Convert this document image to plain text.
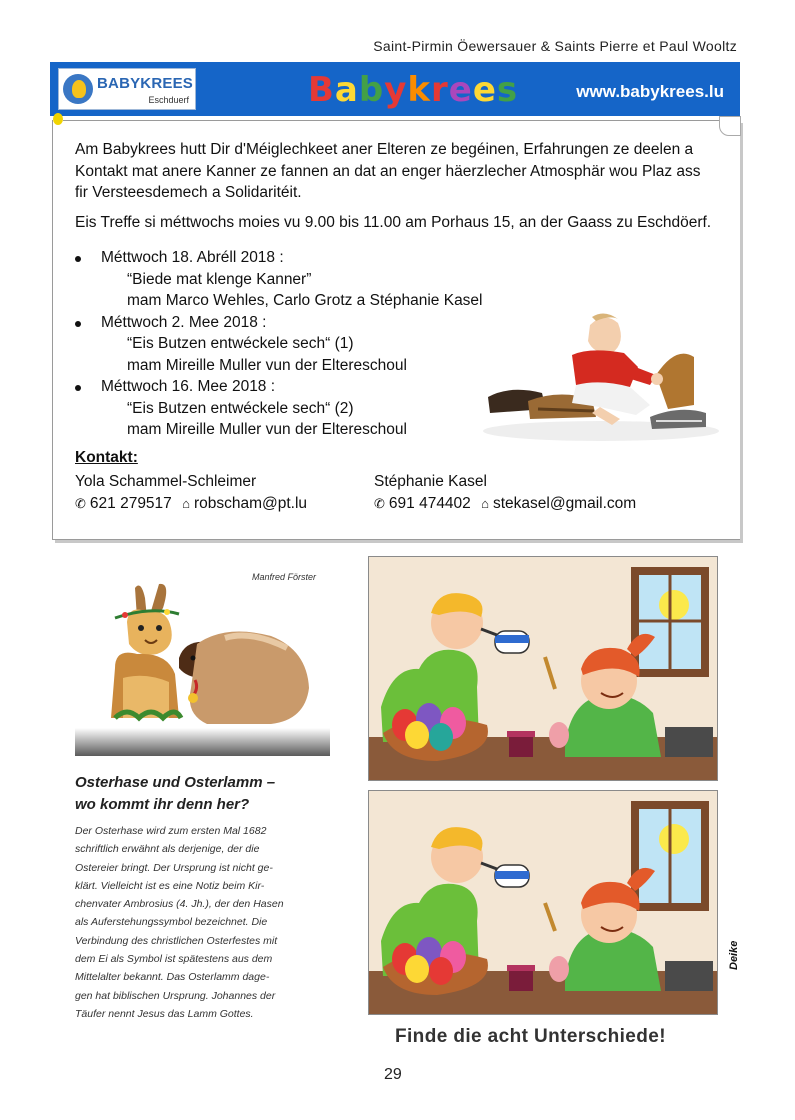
Saint-Pirmin Öewersauer & Saints Pierre et Paul Wooltz
BABYKREES
Eschduerf	Babykrees	www.babykrees.lu
Am Babykrees hutt Dir d'Méiglechkeet aner Elteren ze begéinen, Erfahrungen ze deelen a Kontakt mat anere Kanner ze fannen an dat an enger häerzlecher Atmosphär wou Plaz ass fir Versteesdemech a Solidaritéit.
Eis Treffe si méttwochs moies vu 9.00 bis 11.00 am Porhaus 15, an der Gaass zu Eschdöerf.
Méttwoch 18. Abréll 2018 :
“Biede mat klenge Kanner”
mam Marco Wehles, Carlo Grotz a Stéphanie Kasel
Méttwoch 2. Mee 2018 :
“Eis Butzen entwéckele sech“ (1)
mam Mireille Muller vun der Eltereschoul
Méttwoch 16. Mee 2018 :
“Eis Butzen entwéckele sech“ (2)
mam Mireille Muller vun der Eltereschoul
Kontakt:
Yola Schammel-Schleimer
✆ 621 279517 ⌂ robscham@pt.lu
Stéphanie Kasel
✆ 691 474402 ⌂ stekasel@gmail.com
Manfred Förster
Osterhase und Osterlamm –
wo kommt ihr denn her?
Der Osterhase wird zum ersten Mal 1682
schriftlich erwähnt als derjenige, der die
Ostereier bringt. Der Ursprung ist nicht ge-
klärt. Vielleicht ist es eine Notiz beim Kir-
chenvater Ambrosius (4. Jh.), der den Hasen
als Auferstehungssymbol bezeichnet. Die
Verbindung des christlichen Osterfestes mit
dem Ei als Symbol ist spätestens aus dem
Mittelalter bekannt. Das Osterlamm dage-
gen hat biblischen Ursprung. Johannes der
Täufer nennt Jesus das Lamm Gottes.
Deike
Finde die acht Unterschiede!
29
